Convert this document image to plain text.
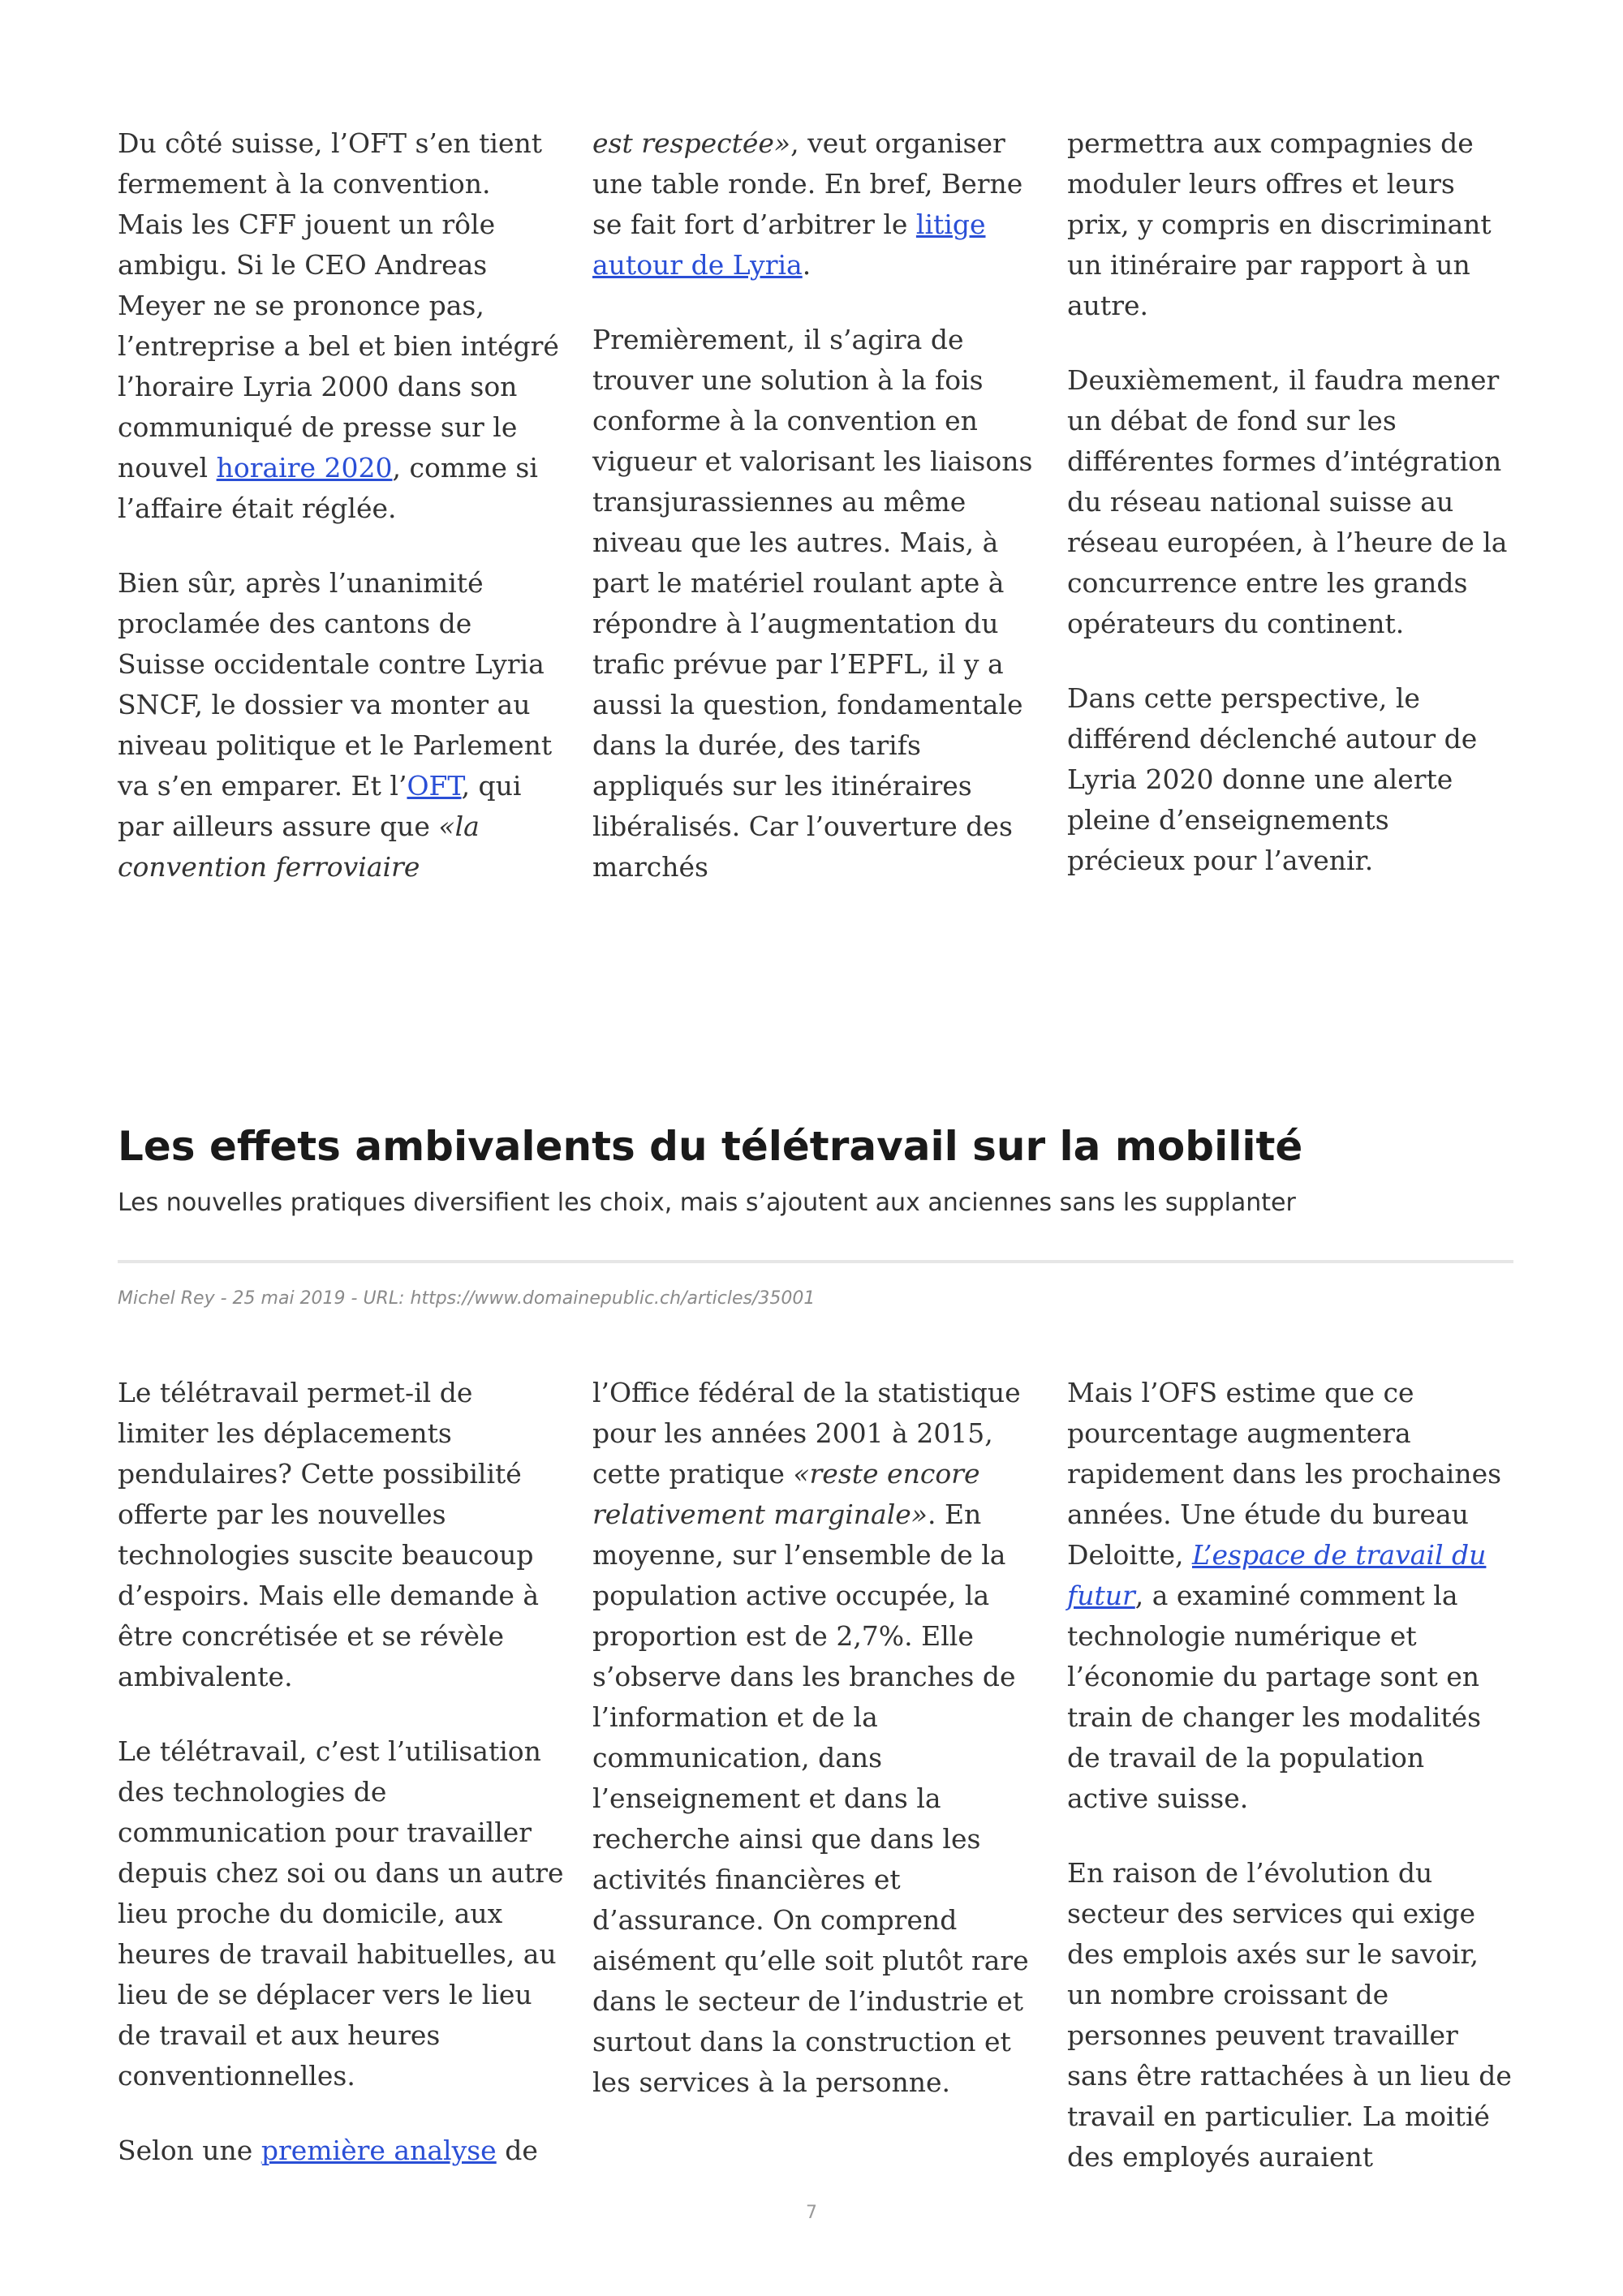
Du côté suisse, l’OFT s’en tient fermement à la convention. Mais les CFF jouent un rôle ambigu. Si le CEO Andreas Meyer ne se prononce pas, l’entreprise a bel et bien intégré l’horaire Lyria 2000 dans son communiqué de presse sur le nouvel horaire 2020, comme si l’affaire était réglée.

Bien sûr, après l’unanimité proclamée des cantons de Suisse occidentale contre Lyria SNCF, le dossier va monter au niveau politique et le Parlement va s’en emparer. Et l’OFT, qui par ailleurs assure que «la convention ferroviaire

est respectée», veut organiser une table ronde. En bref, Berne se fait fort d’arbitrer le litige autour de Lyria.

Premièrement, il s’agira de trouver une solution à la fois conforme à la convention en vigueur et valorisant les liaisons transjurassiennes au même niveau que les autres. Mais, à part le matériel roulant apte à répondre à l’augmentation du trafic prévue par l’EPFL, il y a aussi la question, fondamentale dans la durée, des tarifs appliqués sur les itinéraires libéralisés. Car l’ouverture des marchés

permettra aux compagnies de moduler leurs offres et leurs prix, y compris en discriminant un itinéraire par rapport à un autre.

Deuxièmement, il faudra mener un débat de fond sur les différentes formes d’intégration du réseau national suisse au réseau européen, à l’heure de la concurrence entre les grands opérateurs du continent.

Dans cette perspective, le différend déclenché autour de Lyria 2020 donne une alerte pleine d’enseignements précieux pour l’avenir.

Les effets ambivalents du télétravail sur la mobilité

Les nouvelles pratiques diversifient les choix, mais s’ajoutent aux anciennes sans les supplanter

Michel Rey - 25 mai 2019 - URL: https://www.domainepublic.ch/articles/35001

Le télétravail permet-il de limiter les déplacements pendulaires? Cette possibilité offerte par les nouvelles technologies suscite beaucoup d’espoirs. Mais elle demande à être concrétisée et se révèle ambivalente.

Le télétravail, c’est l’utilisation des technologies de communication pour travailler depuis chez soi ou dans un autre lieu proche du domicile, aux heures de travail habituelles, au lieu de se déplacer vers le lieu de travail et aux heures conventionnelles.

Selon une première analyse de

l’Office fédéral de la statistique pour les années 2001 à 2015, cette pratique «reste encore relativement marginale». En moyenne, sur l’ensemble de la population active occupée, la proportion est de 2,7%. Elle s’observe dans les branches de l’information et de la communication, dans l’enseignement et dans la recherche ainsi que dans les activités financières et d’assurance. On comprend aisément qu’elle soit plutôt rare dans le secteur de l’industrie et surtout dans la construction et les services à la personne.

Mais l’OFS estime que ce pourcentage augmentera rapidement dans les prochaines années. Une étude du bureau Deloitte, L’espace de travail du futur, a examiné comment la technologie numérique et l’économie du partage sont en train de changer les modalités de travail de la population active suisse.

En raison de l’évolution du secteur des services qui exige des emplois axés sur le savoir, un nombre croissant de personnes peuvent travailler sans être rattachées à un lieu de travail en particulier. La moitié des employés auraient

7
